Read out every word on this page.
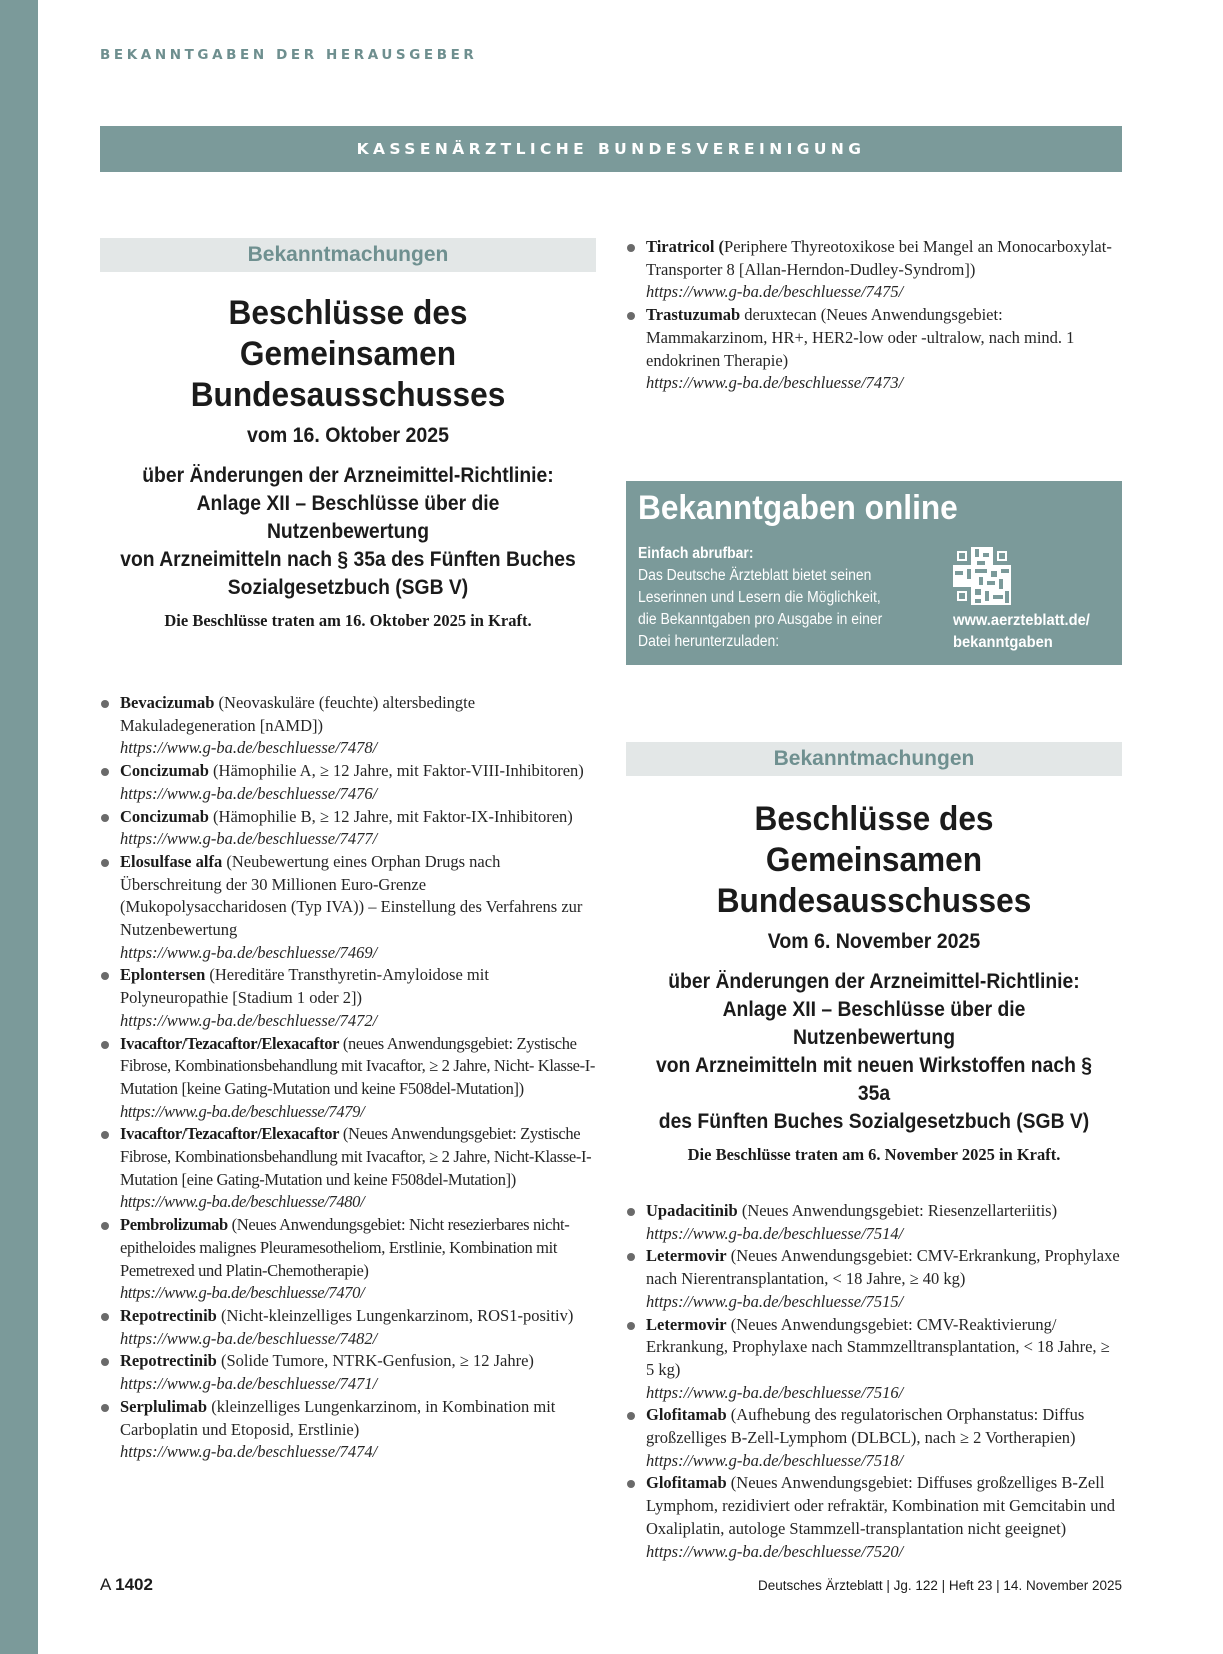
BEKANNTGABEN DER HERAUSGEBER
KASSENÄRZTLICHE BUNDESVEREINIGUNG
Bekanntmachungen
Beschlüsse des Gemeinsamen
Bundesausschusses
vom 16. Oktober 2025
über Änderungen der Arzneimittel-Richtlinie:
Anlage XII – Beschlüsse über die Nutzenbewertung
von Arzneimitteln nach § 35a des Fünften Buches
Sozialgesetzbuch (SGB V)
Die Beschlüsse traten am 16. Oktober 2025 in Kraft.
Bevacizumab (Neovaskuläre (feuchte) altersbedingte Makuladegeneration [nAMD])
https://www.g-ba.de/beschluesse/7478/
Concizumab (Hämophilie A, ≥ 12 Jahre, mit Faktor-VIII-Inhibitoren)
https://www.g-ba.de/beschluesse/7476/
Concizumab (Hämophilie B, ≥ 12 Jahre, mit Faktor-IX-Inhibitoren)
https://www.g-ba.de/beschluesse/7477/
Elosulfase alfa (Neubewertung eines Orphan Drugs nach Überschreitung der 30 Millionen Euro-Grenze (Mukopolysaccharidosen (Typ IVA)) – Einstellung des Verfahrens zur Nutzenbewertung
https://www.g-ba.de/beschluesse/7469/
Eplontersen (Hereditäre Transthyretin-Amyloidose mit Polyneuropathie [Stadium 1 oder 2])
https://www.g-ba.de/beschluesse/7472/
Ivacaftor/Tezacaftor/Elexacaftor (neues Anwendungsgebiet: Zystische Fibrose, Kombinationsbehandlung mit Ivacaftor, ≥ 2 Jahre, Nicht- Klasse-I-Mutation [keine Gating-Mutation und keine F508del-Mutation])
https://www.g-ba.de/beschluesse/7479/
Ivacaftor/Tezacaftor/Elexacaftor (Neues Anwendungsgebiet: Zystische Fibrose, Kombinationsbehandlung mit Ivacaftor, ≥ 2 Jahre, Nicht-Klasse-I-Mutation [eine Gating-Mutation und keine F508del-Mutation])
https://www.g-ba.de/beschluesse/7480/
Pembrolizumab (Neues Anwendungsgebiet: Nicht resezierbares nicht-epitheloides malignes Pleuramesotheliom, Erstlinie, Kombination mit Pemetrexed und Platin-Chemotherapie)
https://www.g-ba.de/beschluesse/7470/
Repotrectinib (Nicht-kleinzelliges Lungenkarzinom, ROS1-positiv)
https://www.g-ba.de/beschluesse/7482/
Repotrectinib (Solide Tumore, NTRK-Genfusion, ≥ 12 Jahre)
https://www.g-ba.de/beschluesse/7471/
Serplulimab (kleinzelliges Lungenkarzinom, in Kombination mit Carboplatin und Etoposid, Erstlinie)
https://www.g-ba.de/beschluesse/7474/
Tiratricol (Periphere Thyreotoxikose bei Mangel an Monocarboxylat-Transporter 8 [Allan-Herndon-Dudley-Syndrom])
https://www.g-ba.de/beschluesse/7475/
Trastuzumab deruxtecan (Neues Anwendungsgebiet: Mammakarzinom, HR+, HER2-low oder -ultralow, nach mind. 1 endokrinen Therapie)
https://www.g-ba.de/beschluesse/7473/
Bekanntgaben online
Einfach abrufbar:
Das Deutsche Ärzteblatt bietet seinen Leserinnen und Lesern die Möglichkeit, die Bekanntgaben pro Ausgabe in einer Datei herunterzuladen:
www.aerzteblatt.de/
bekanntgaben
Bekanntmachungen
Beschlüsse des Gemeinsamen
Bundesausschusses
Vom 6. November 2025
über Änderungen der Arzneimittel-Richtlinie:
Anlage XII – Beschlüsse über die Nutzenbewertung
von Arzneimitteln mit neuen Wirkstoffen nach § 35a
des Fünften Buches Sozialgesetzbuch (SGB V)
Die Beschlüsse traten am 6. November 2025 in Kraft.
Upadacitinib (Neues Anwendungsgebiet: Riesenzellarteriitis)
https://www.g-ba.de/beschluesse/7514/
Letermovir (Neues Anwendungsgebiet: CMV-Erkrankung, Prophylaxe nach Nierentransplantation, < 18 Jahre, ≥ 40 kg)
https://www.g-ba.de/beschluesse/7515/
Letermovir (Neues Anwendungsgebiet: CMV-Reaktivierung/ Erkrankung, Prophylaxe nach Stammzelltransplantation, < 18 Jahre, ≥ 5 kg)
https://www.g-ba.de/beschluesse/7516/
Glofitamab (Aufhebung des regulatorischen Orphanstatus: Diffus großzelliges B-Zell-Lymphom (DLBCL), nach ≥ 2 Vortherapien)
https://www.g-ba.de/beschluesse/7518/
Glofitamab (Neues Anwendungsgebiet: Diffuses großzelliges B-Zell Lymphom, rezidiviert oder refraktär, Kombination mit Gemcitabin und Oxaliplatin, autologe Stammzell-transplantation nicht geeignet)
https://www.g-ba.de/beschluesse/7520/
A 1402	Deutsches Ärzteblatt | Jg. 122 | Heft 23 | 14. November 2025
